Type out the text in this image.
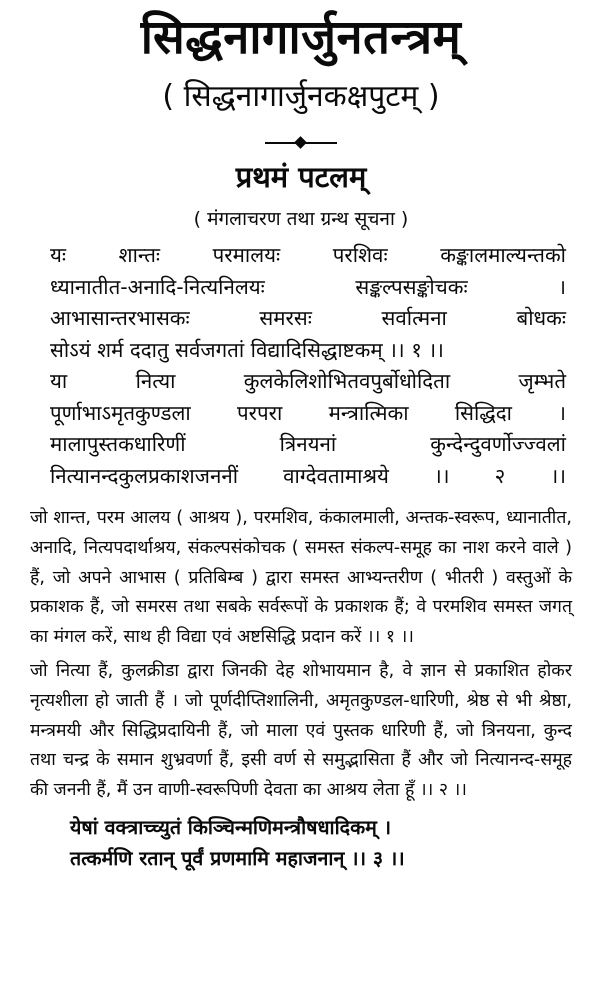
सिद्धनागार्जुनतन्त्रम्
( सिद्धनागार्जुनकक्षपुटम् )
प्रथमं पटलम्
( मंगलाचरण तथा ग्रन्थ सूचना )
यः शान्तः परमालयः परशिवः कङ्कालमाल्यन्तको
ध्यानातीत-अनादि-नित्यनिलयः सङ्कल्पसङ्कोचकः ।
आभासान्तरभासकः समरसः सर्वात्मना बोधकः
सोऽयं शर्म ददातु सर्वजगतां विद्यादिसिद्धाष्टकम् ।। १ ।।
या नित्या कुलकेलिशोभितवपुर्बोधोदिता जृम्भते
पूर्णाभाऽमृतकुण्डला परपरा मन्त्रात्मिका सिद्धिदा ।
मालापुस्तकधारिणीं त्रिनयनां कुन्देन्दुवर्णोज्ज्वलां
नित्यानन्दकुलप्रकाशजननीं वाग्देवतामाश्रये ।। २ ।।

जो शान्त, परम आलय ( आश्रय ), परमशिव, कंकालमाली, अन्तक-स्वरूप, ध्यानातीत, अनादि, नित्यपदार्थाश्रय, संकल्पसंकोचक ( समस्त संकल्प-समूह का नाश करने वाले ) हैं, जो अपने आभास ( प्रतिबिम्ब ) द्वारा समस्त आभ्यन्तरीण ( भीतरी ) वस्तुओं के प्रकाशक हैं, जो समरस तथा सबके सर्वरूपों के प्रकाशक हैं; वे परमशिव समस्त जगत् का मंगल करें, साथ ही विद्या एवं अष्टसिद्धि प्रदान करें ।। १ ।।

जो नित्या हैं, कुलक्रीडा द्वारा जिनकी देह शोभायमान है, वे ज्ञान से प्रकाशित होकर नृत्यशीला हो जाती हैं । जो पूर्णदीप्तिशालिनी, अमृतकुण्डल-धारिणी, श्रेष्ठ से भी श्रेष्ठा, मन्त्रमयी और सिद्धिप्रदायिनी हैं, जो माला एवं पुस्तक धारिणी हैं, जो त्रिनयना, कुन्द तथा चन्द्र के समान शुभ्रवर्णा हैं, इसी वर्ण से समुद्भासिता हैं और जो नित्यानन्द-समूह की जननी हैं, मैं उन वाणी-स्वरूपिणी देवता का आश्रय लेता हूँ ।। २ ।।

येषां वक्त्राच्च्युतं किञ्चिन्मणिमन्त्रौषधादिकम् ।
तत्कर्मणि रतान् पूर्वं प्रणमामि महाजनान् ।। ३ ।।
